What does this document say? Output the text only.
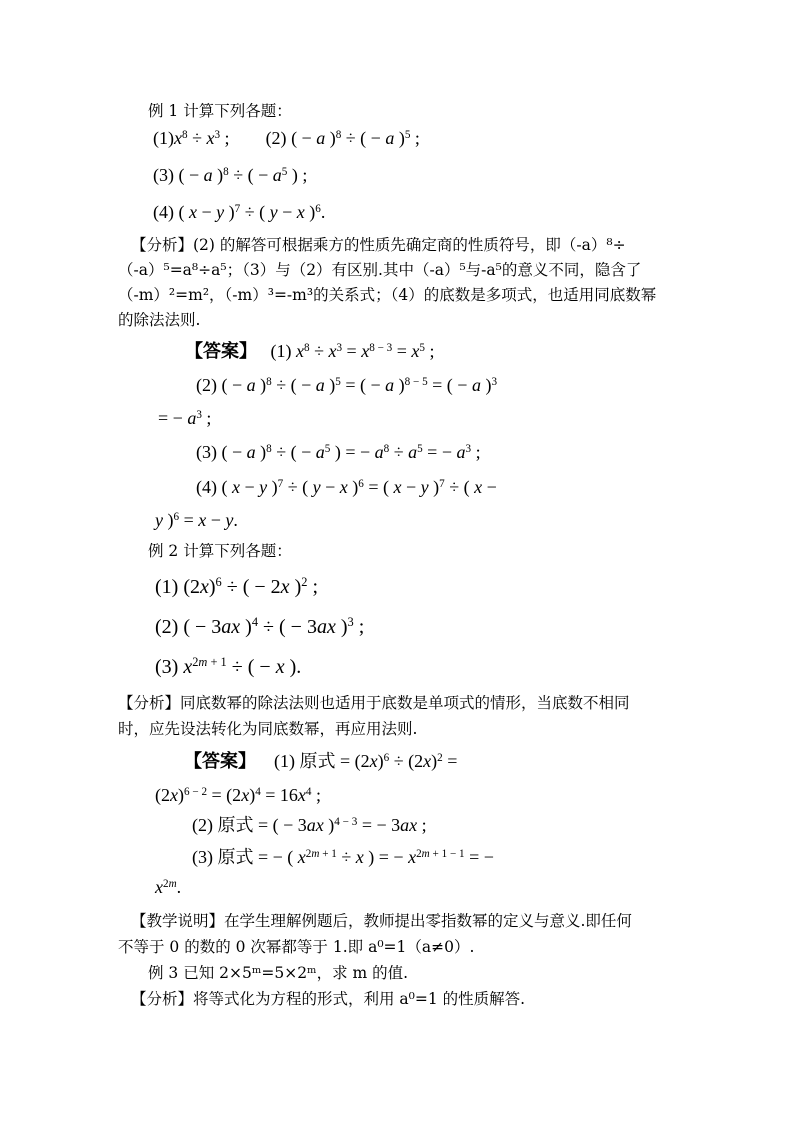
例 1 计算下列各题：
$(1)x^8 \div x^3$ ;        (2) ( − a )$^8$ ÷ ( − a )$^5$ ;
(3) ( − a )$^8$ ÷ ( − $a^5$ ) ;
(4) ( x − y )$^7$ ÷ ( y − x )$^6$.
【分析】(2) 的解答可根据乘方的性质先确定商的性质符号，即（-a）⁸÷
（-a）⁵=a⁸÷a⁵；（3）与（2）有区别.其中（-a）⁵与-a⁵的意义不同，隐含了
（-m）²=m²，（-m）³=-m³的关系式；（4）的底数是多项式，也适用同底数幂
的除法法则.
【答案】   (1) $x^8 \div x^3 = x^{8 - 3} = x^5$ ;
(2) ( − a )$^8$ ÷ ( − a )$^5$ = ( − a )$^{8 - 5}$ = ( − a )$^3$
= − $a^3$ ;
(3) ( − a )$^8$ ÷ ( − $a^5$ ) = − $a^8 \div a^5$ = − $a^3$ ;
(4) ( x − y )$^7$ ÷ ( y − x )$^6$ = ( x − y )$^7$ ÷ ( x −
y )$^6$ = x − y.
例 2 计算下列各题：
(1) $(2x)^6$ ÷ ( − 2x )$^2$ ;
(2) ( − 3ax )$^4$ ÷ ( − 3ax )$^3$ ;
(3) $x^{2m + 1}$ ÷ ( − x ).
【分析】同底数幂的除法法则也适用于底数是单项式的情形，当底数不相同
时，应先设法转化为同底数幂，再应用法则.
【答案】    (1) 原式 = $(2x)^6 \div (2x)^2$ =
$(2x)^{6 - 2} = (2x)^4 = 16x^4$ ;
(2) 原式 = ( − 3ax )$^{4 - 3}$ = − 3ax ;
(3) 原式 = − ( $x^{2m + 1} \div x$ ) = − $x^{2m + 1 - 1}$ = −
$x^{2m}$.
【教学说明】在学生理解例题后，教师提出零指数幂的定义与意义.即任何
不等于 0 的数的 0 次幂都等于 1.即 a⁰=1（a≠0）.
例 3 已知 2×5ᵐ=5×2ᵐ，求 m 的值.
【分析】将等式化为方程的形式，利用 a⁰=1 的性质解答.
